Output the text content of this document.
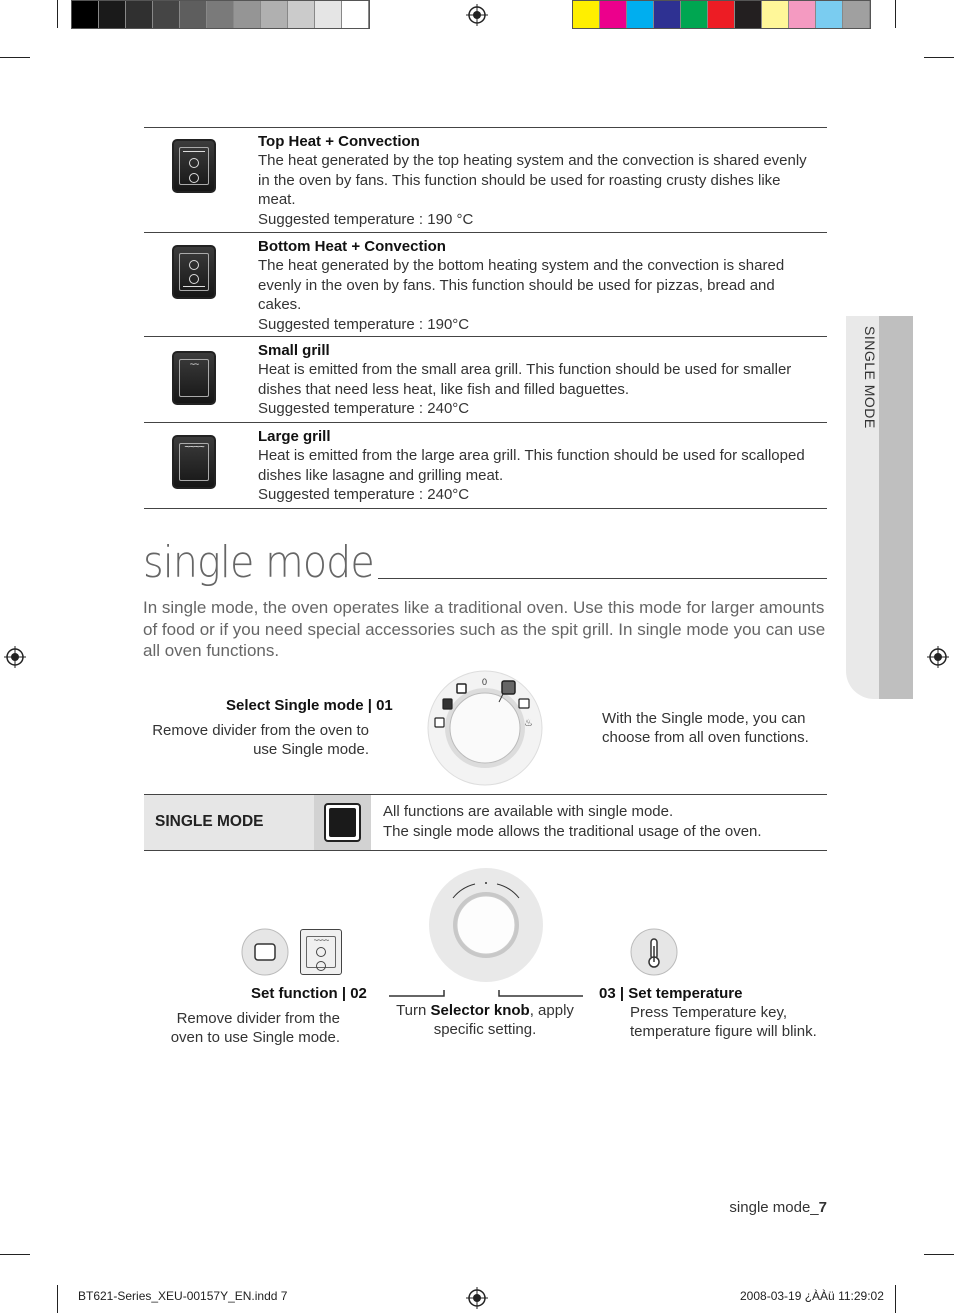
SINGLE MODE
Top Heat + Convection
The heat generated by the top heating system and the convection is shared evenly in the oven by fans. This function should be used for roasting crusty dishes like meat.
Suggested temperature : 190 °C
Bottom Heat + Convection
The heat generated by the bottom heating system and the convection is shared evenly in the oven by fans. This function should be used for pizzas, bread and cakes.
Suggested temperature : 190°C
~~
Small grill
Heat is emitted from the small area grill. This function should be used for smaller dishes that need less heat, like fish and filled baguettes.
Suggested temperature : 240°C
~~~~
Large grill
Heat is emitted from the large area grill. This function should be used for scalloped dishes like lasagne and grilling meat.
Suggested temperature : 240°C
single mode
In single mode, the oven operates like a traditional oven. Use this mode for larger amounts of food or if you need special accessories such as the spit grill. In single mode you can use all oven functions.
Select Single mode | 01
Remove divider from the oven to
use Single mode.
0
♨	With the Single mode, you can
choose from all oven functions.
SINGLE MODE
All functions are available with single mode.
The single mode allows the traditional usage of the oven.
~~~~
Set function | 02
Remove divider from the
oven to use Single mode.
Turn Selector knob, apply
specific setting.
03 | Set temperature
Press Temperature key,
temperature figure will blink.
single mode_7
BT621-Series_XEU-00157Y_EN.indd 7	2008-03-19 ¿ÀÀü 11:29:02
